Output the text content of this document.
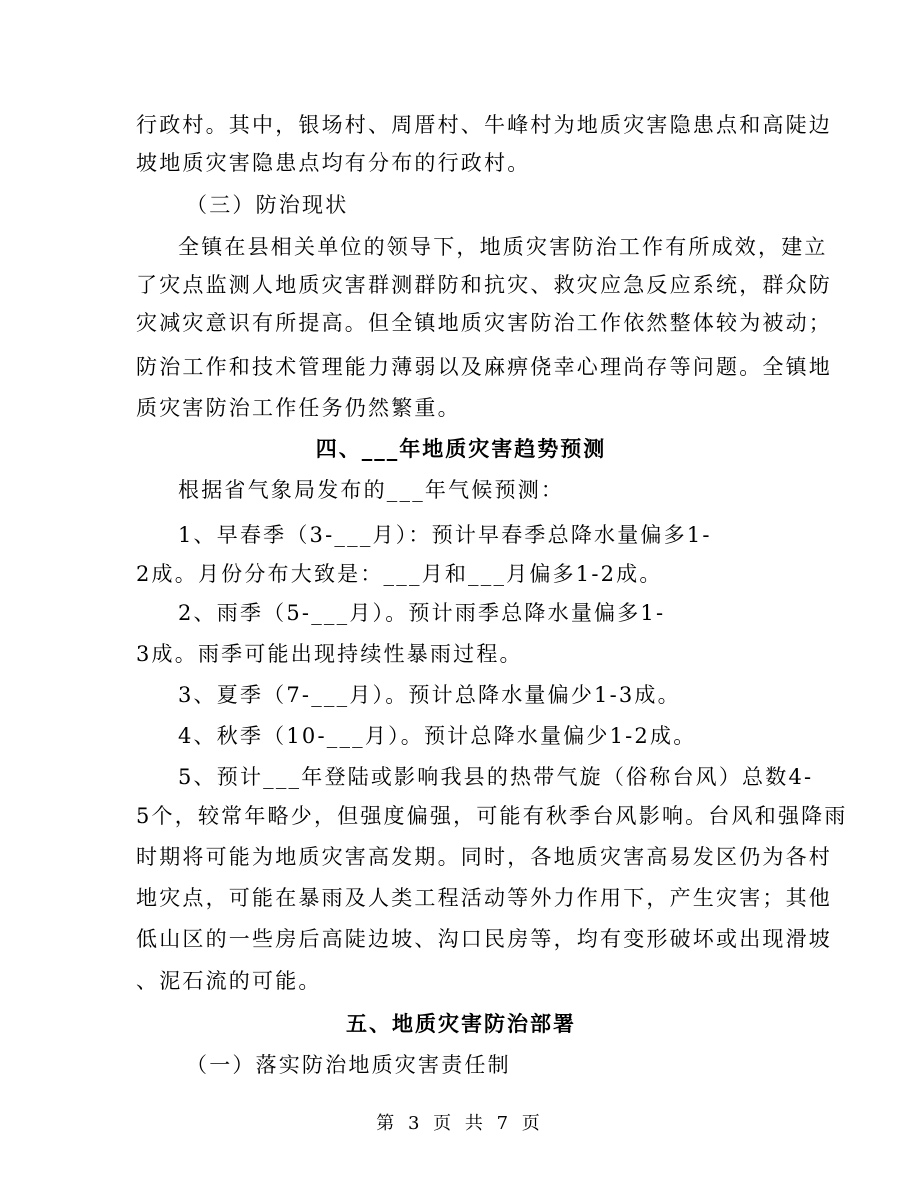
行政村。其中，银场村、周厝村、牛峰村为地质灾害隐患点和高陡边
坡地质灾害隐患点均有分布的行政村。
（三）防治现状
全镇在县相关单位的领导下，地质灾害防治工作有所成效，建立
了灾点监测人地质灾害群测群防和抗灾、救灾应急反应系统，群众防
灾减灾意识有所提高。但全镇地质灾害防治工作依然整体较为被动；
防治工作和技术管理能力薄弱以及麻痹侥幸心理尚存等问题。全镇地
质灾害防治工作任务仍然繁重。
四、___年地质灾害趋势预测
根据省气象局发布的___年气候预测：
1、早春季（3-___月）：预计早春季总降水量偏多1-
2成。月份分布大致是：___月和___月偏多1-2成。
2、雨季（5-___月）。预计雨季总降水量偏多1-
3成。雨季可能出现持续性暴雨过程。
3、夏季（7-___月）。预计总降水量偏少1-3成。
4、秋季（10-___月）。预计总降水量偏少1-2成。
5、预计___年登陆或影响我县的热带气旋（俗称台风）总数4-
5个，较常年略少，但强度偏强，可能有秋季台风影响。台风和强降雨
时期将可能为地质灾害高发期。同时，各地质灾害高易发区仍为各村
地灾点，可能在暴雨及人类工程活动等外力作用下，产生灾害；其他
低山区的一些房后高陡边坡、沟口民房等，均有变形破坏或出现滑坡
、泥石流的可能。
五、地质灾害防治部署
（一）落实防治地质灾害责任制
第 3 页 共 7 页
